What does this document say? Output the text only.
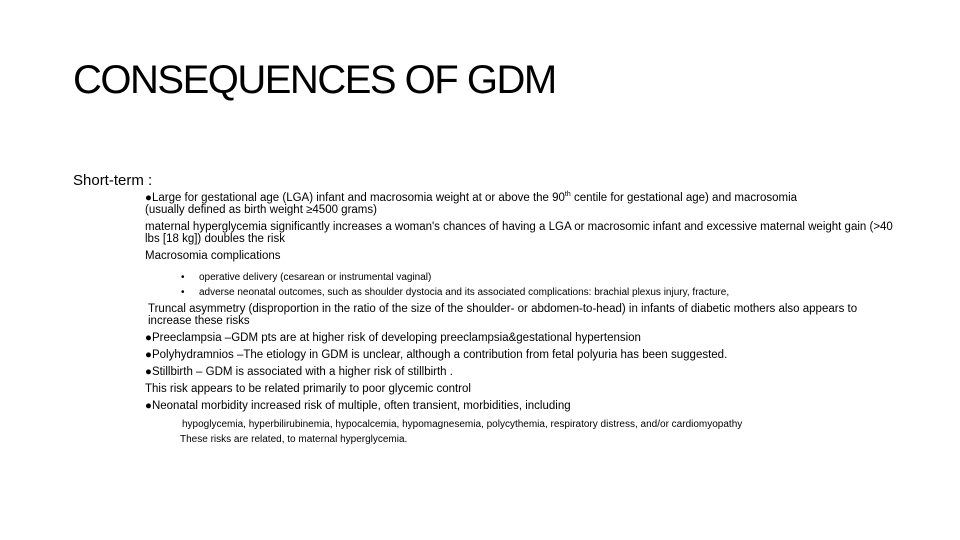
CONSEQUENCES OF GDM
Short-term :

●Large for gestational age (LGA) infant and macrosomia weight at or above the 90th centile for gestational age) and macrosomia
(usually defined as birth weight ≥4500 grams)

maternal hyperglycemia significantly increases a woman's chances of having a LGA or macrosomic infant and excessive maternal weight gain (>40 lbs [18 kg]) doubles the risk

Macrosomia complications

• operative delivery (cesarean or instrumental vaginal)
• adverse neonatal outcomes, such as shoulder dystocia and its associated complications: brachial plexus injury, fracture,

Truncal asymmetry (disproportion in the ratio of the size of the shoulder- or abdomen-to-head) in infants of diabetic mothers also appears to increase these risks

●Preeclampsia –GDM pts are at higher risk of developing preeclampsia&gestational hypertension

●Polyhydramnios –The etiology in GDM is unclear, although a contribution from fetal polyuria has been suggested.

●Stillbirth – GDM is associated with a higher risk of stillbirth .

This risk appears to be related primarily to poor glycemic control

●Neonatal morbidity increased risk of multiple, often transient, morbidities, including

hypoglycemia, hyperbilirubinemia, hypocalcemia, hypomagnesemia, polycythemia, respiratory distress, and/or cardiomyopathy

These risks are related, to maternal hyperglycemia.
